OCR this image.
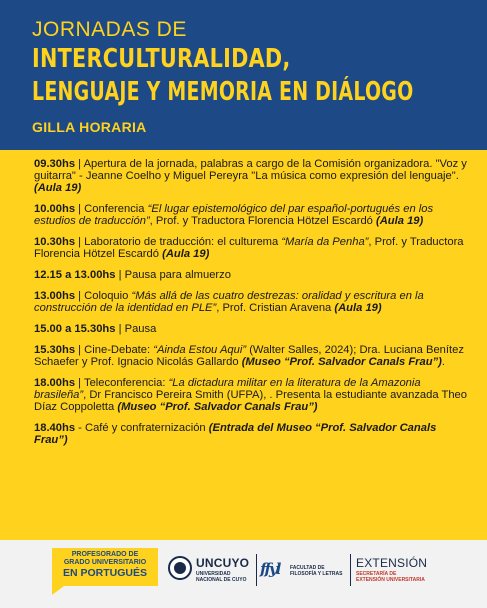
JORNADAS DE
INTERCULTURALIDAD,
LENGUAJE Y MEMORIA EN DIÁLOGO
GILLA HORARIA

09.30hs | Apertura de la jornada, palabras a cargo de la Comisión organizadora. "Voz y guitarra" - Jeanne Coelho y Miguel Pereyra "La música como expresión del lenguaje". (Aula 19)

10.00hs | Conferencia “El lugar epistemológico del par español-portugués en los estudios de traducción”, Prof. y Traductora Florencia Hötzel Escardó (Aula 19)

10.30hs | Laboratorio de traducción: el culturema “María da Penha”, Prof. y Traductora Florencia Hötzel Escardó (Aula 19)

12.15 a 13.00hs | Pausa para almuerzo

13.00hs | Coloquio “Más allá de las cuatro destrezas: oralidad y escritura en la construcción de la identidad en PLE”, Prof. Cristian Aravena (Aula 19)

15.00 a 15.30hs | Pausa

15.30hs | Cine-Debate: “Ainda Estou Aqui” (Walter Salles, 2024); Dra. Luciana Benítez Schaefer y Prof. Ignacio Nicolás Gallardo (Museo “Prof. Salvador Canals Frau”).

18.00hs | Teleconferencia: “La dictadura militar en la literatura de la Amazonia brasileña”, Dr Francisco Pereira Smith (UFPA), . Presenta la estudiante avanzada Theo Díaz Coppoletta (Museo “Prof. Salvador Canals Frau”)

18.40hs - Café y confraternización (Entrada del Museo “Prof. Salvador Canals Frau”)

PROFESORADO DE
GRADO UNIVERSITARIO
EN PORTUGUÉS
UNCUYO
UNIVERSIDAD
NACIONAL DE CUYO
ffyl FACULTAD DE
FILOSOFÍA Y LETRAS
EXTENSIÓN
SECRETARÍA DE
EXTENSIÓN UNIVERSITARIA
